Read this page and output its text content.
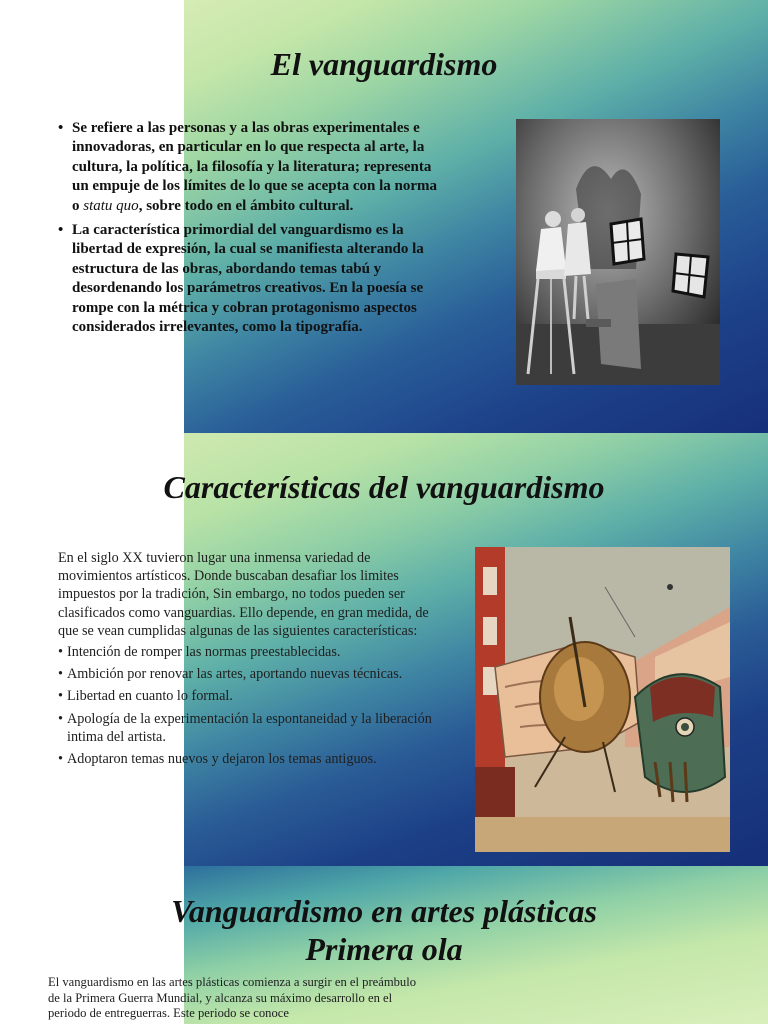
El vanguardismo
• Se refiere a las personas y a las obras experimentales e innovadoras, en particular en lo que respecta al arte, la cultura, la política, la filosofía y la literatura; representa un empuje de los límites de lo que se acepta con la norma o statu quo, sobre todo en el ámbito cultural.
• La característica primordial del vanguardismo es la libertad de expresión, la cual se manifiesta alterando la estructura de las obras, abordando temas tabú y desordenando los parámetros creativos. En la poesía se rompe con la métrica y cobran protagonismo aspectos considerados irrelevantes, como la tipografía.
Características del vanguardismo

En el siglo XX tuvieron lugar una inmensa variedad de movimientos artísticos. Donde buscaban desafiar los limites impuestos por la tradición, Sin embargo, no todos pueden ser clasificados como vanguardias. Ello depende, en gran medida, de que se vean cumplidas algunas de las siguientes características:

• Intención de romper las normas preestablecidas.
• Ambición por renovar las artes, aportando nuevas técnicas.
• Libertad en cuanto lo formal.
• Apología de la experimentación la espontaneidad y la liberación intima del artista.
• Adoptaron temas nuevos y dejaron los temas antiguos.
Vanguardismo en artes plásticas
Primera ola
El vanguardismo en las artes plásticas comienza a surgir en el preámbulo de la Primera Guerra Mundial, y alcanza su máximo desarrollo en el periodo de entreguerras. Este periodo se conoce
